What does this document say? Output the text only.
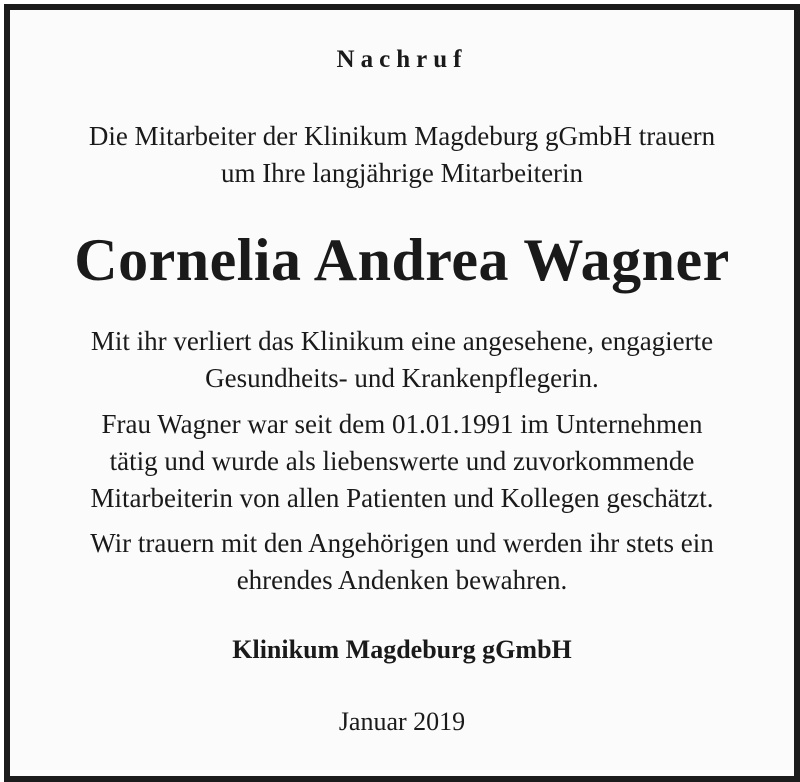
Nachruf
Die Mitarbeiter der Klinikum Magdeburg gGmbH trauern
um Ihre langjährige Mitarbeiterin
Cornelia Andrea Wagner
Mit ihr verliert das Klinikum eine angesehene, engagierte
Gesundheits- und Krankenpflegerin.
Frau Wagner war seit dem 01.01.1991 im Unternehmen
tätig und wurde als liebenswerte und zuvorkommende
Mitarbeiterin von allen Patienten und Kollegen geschätzt.
Wir trauern mit den Angehörigen und werden ihr stets ein
ehrendes Andenken bewahren.
Klinikum Magdeburg gGmbH
Januar 2019
